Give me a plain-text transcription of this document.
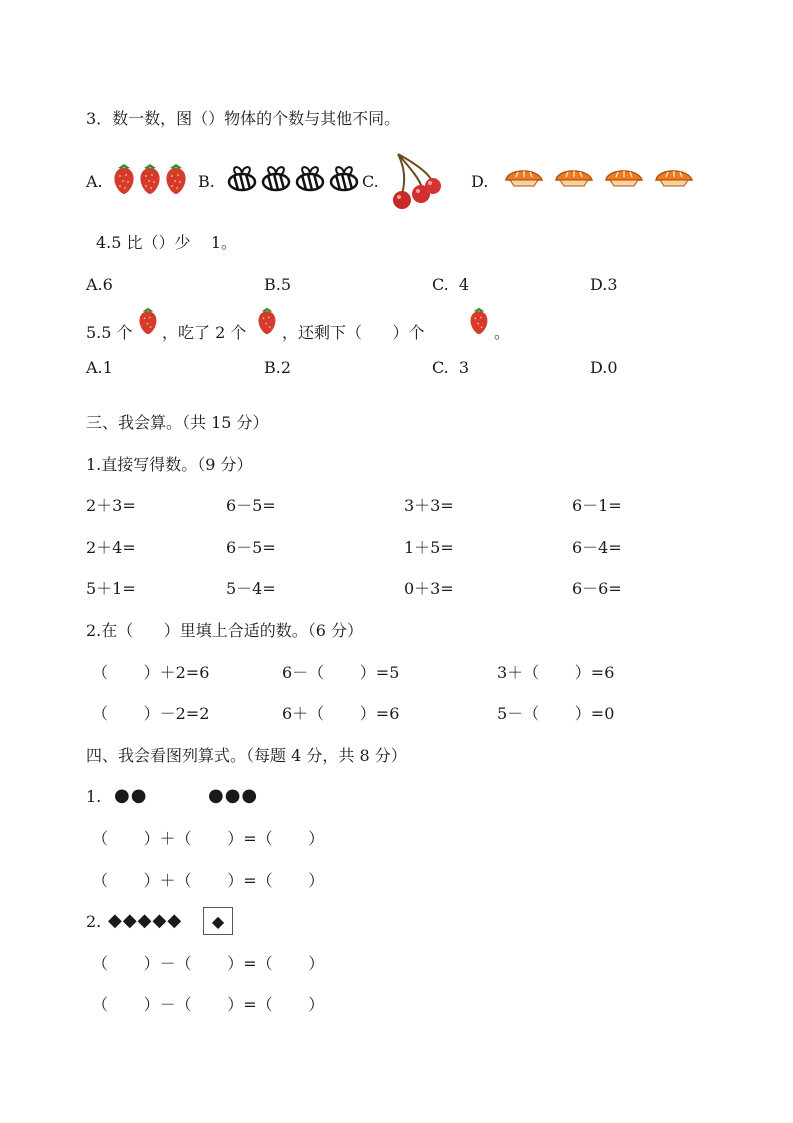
3．数一数，图（）物体的个数与其他不同。
A.	B.	C.	D.
4.5 比（）少    1。
A.6	B.5	C.  4	D.3
5.5 个 ，吃了 2 个 ，还剩下（      ）个	。
A.1	B.2	C.  3	D.0
三、我会算。（共 15 分）
1.直接写得数。（9 分）
2＋3=	6－5=	3＋3=	6－1=
2＋4=	6－5=	1＋5=	6－4=
5＋1=	5－4=	0＋3=	6－6=
2.在（      ）里填上合适的数。（6 分）
（       ）＋2=6	6－（       ）=5	3＋（       ）=6
（       ）－2=2	6＋（       ）=6	5－（       ）=0
四、我会看图列算式。（每题 4 分，共 8 分）
1. ●●	●●●
（       ）＋（       ）=（       ）
（       ）＋（       ）=（       ）
2. ◆◆◆◆◆	◆
（       ）－（       ）=（       ）
（       ）－（       ）=（       ）
